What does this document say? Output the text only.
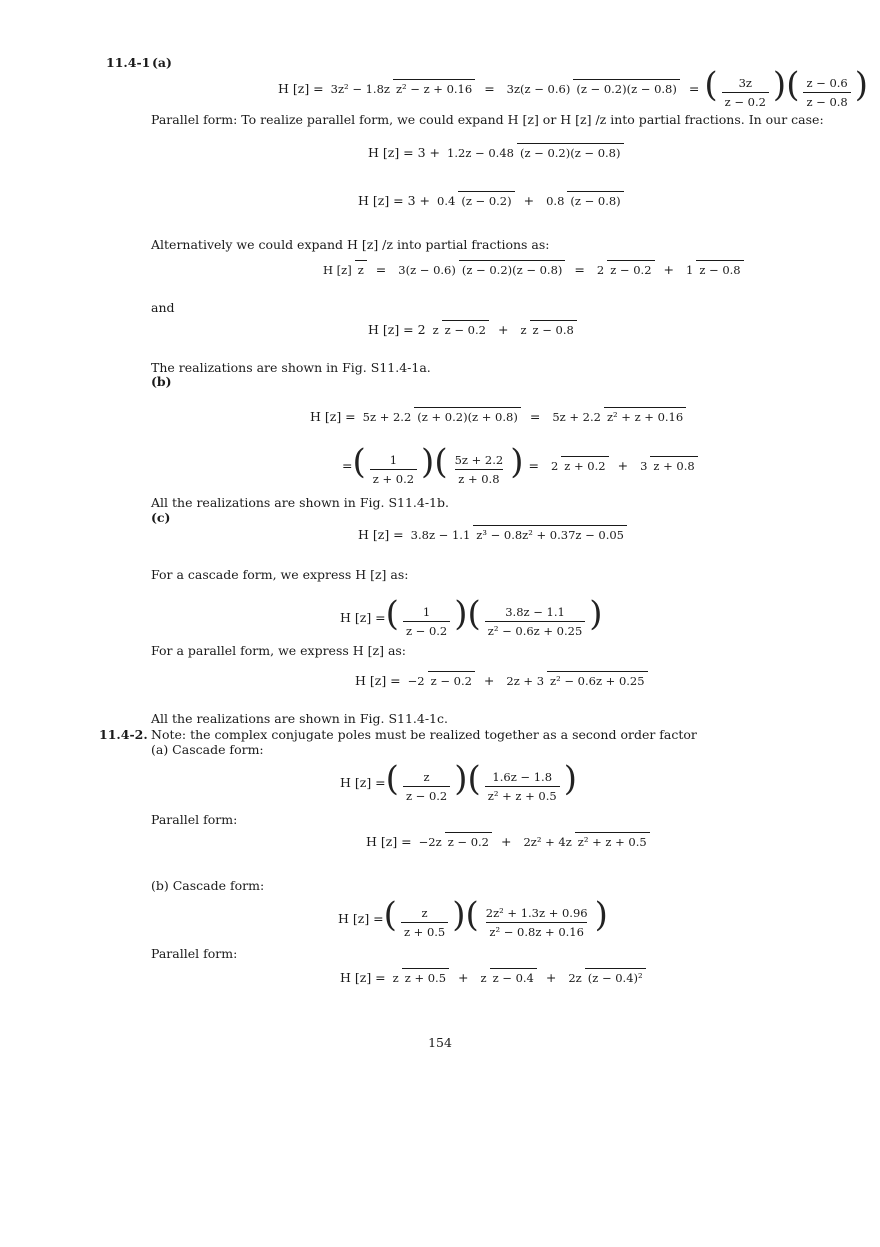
11.4-1 (a)
H [z] = 3z² − 1.8z z² − z + 0.16 = 3z(z − 0.6) (z − 0.2)(z − 0.8) = ( $\frac{3z}{z - 0.2}$ ) ( $\frac{z - 0.6}{z - 0.8}$ )
Parallel form: To realize parallel form, we could expand H [z] or H [z] /z into partial fractions. In our case:
H [z] = 3 + 1.2z − 0.48 (z − 0.2)(z − 0.8)
H [z] = 3 + 0.4 (z − 0.2) + 0.8 (z − 0.8)
Alternatively we could expand H [z] /z into partial fractions as:
H [z] z = 3(z − 0.6) (z − 0.2)(z − 0.8) = 2 z − 0.2 + 1 z − 0.8
and
H [z] = 2 z z − 0.2 + z z − 0.8
The realizations are shown in Fig. S11.4-1a.
(b)
H [z] = 5z + 2.2 (z + 0.2)(z + 0.8) = 5z + 2.2 z² + z + 0.16
= ( $\frac{1}{z + 0.2}$ ) ( $\frac{5z + 2.2}{z + 0.8}$ ) = 2 z + 0.2 + 3 z + 0.8
All the realizations are shown in Fig. S11.4-1b.
(c)
H [z] = 3.8z − 1.1 z³ − 0.8z² + 0.37z − 0.05
For a cascade form, we express H [z] as:
H [z] = ( $\frac{1}{z - 0.2}$ ) ( $\frac{3.8z - 1.1}{\text{z² − 0.6z + 0.25}}$ )
For a parallel form, we express H [z] as:
H [z] = −2 z − 0.2 + 2z + 3 z² − 0.6z + 0.25
All the realizations are shown in Fig. S11.4-1c.
11.4-2. Note: the complex conjugate poles must be realized together as a second order factor
(a) Cascade form:
H [z] = ( $\frac{z}{z - 0.2}$ ) ( $\frac{1.6z - 1.8}{\text{z² + z + 0.5}}$ )
Parallel form:
H [z] = −2z z − 0.2 + 2z² + 4z z² + z + 0.5
(b) Cascade form:
H [z] = ( $\frac{z}{z + 0.5}$ ) ( $\frac{\text{2z² + 1.3z + 0.96}}{\text{z² − 0.8z + 0.16}}$ )
Parallel form:
H [z] = z z + 0.5 + z z − 0.4 + 2z (z − 0.4)²
154
